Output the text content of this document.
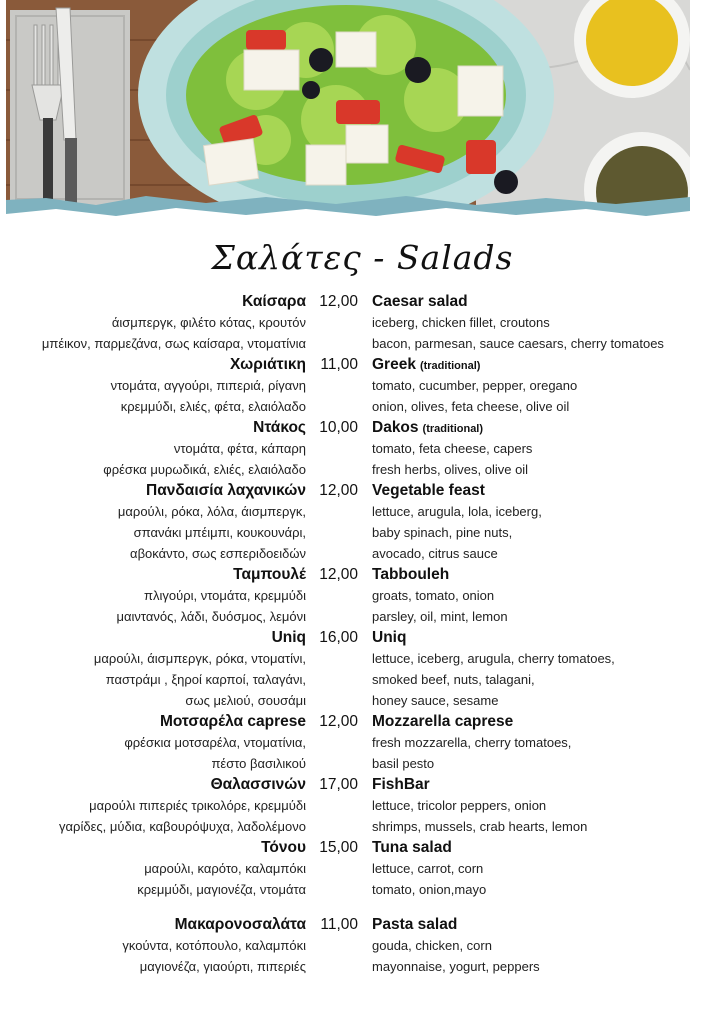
Σαλάτες - Salads
Καίσαρα 12,00 Caesar salad
άισμπεργκ, φιλέτο κότας, κρουτόν	iceberg, chicken fillet, croutons
μπέικον, παρμεζάνα, σως καίσαρα, ντοματίνια	bacon, parmesan, sauce caesars, cherry tomatoes
Χωριάτικη 11,00 Greek (traditional)
ντομάτα, αγγούρι, πιπεριά, ρίγανη	tomato, cucumber, pepper, oregano
κρεμμύδι, ελιές, φέτα, ελαιόλαδο	onion, olives, feta cheese, olive oil
Ντάκος 10,00 Dakos (traditional)
ντομάτα, φέτα, κάπαρη	tomato, feta cheese, capers
φρέσκα μυρωδικά, ελιές, ελαιόλαδο	fresh herbs, olives, olive oil
Πανδαισία λαχανικών 12,00 Vegetable feast
μαρούλι, ρόκα, λόλα, άισμπεργκ,	lettuce, arugula, lola, iceberg,
σπανάκι μπέιμπι, κουκουνάρι,	baby spinach, pine nuts,
αβοκάντο, σως εσπεριδοειδών	avocado, citrus sauce
Ταμπουλέ 12,00 Tabbouleh
πλιγούρι, ντομάτα, κρεμμύδι	groats, tomato, onion
μαιντανός, λάδι, δυόσμος, λεμόνι	parsley, oil, mint, lemon
Uniq 16,00 Uniq
μαρούλι, άισμπεργκ, ρόκα, ντοματίνι,	lettuce, iceberg, arugula, cherry tomatoes,
παστράμι , ξηροί καρποί, ταλαγάνι,	smoked beef, nuts, talagani,
σως μελιού, σουσάμι	honey sauce, sesame
Μοτσαρέλα caprese 12,00 Mozzarella caprese
φρέσκια μοτσαρέλα, ντοματίνια,	fresh mozzarella, cherry tomatoes,
πέστο βασιλικού	basil pesto
Θαλασσινών 17,00 FishBar
μαρούλι πιπεριές τρικολόρε, κρεμμύδι	lettuce, tricolor peppers, onion
γαρίδες, μύδια, καβουρόψυχα, λαδολέμονο	shrimps, mussels, crab hearts, lemon
Τόνου 15,00 Tuna salad
μαρούλι, καρότο, καλαμπόκι	lettuce, carrot, corn
κρεμμύδι, μαγιονέζα, ντομάτα	tomato, onion,mayo
Μακαρονοσαλάτα 11,00 Pasta salad
γκούντα, κοτόπουλο, καλαμπόκι	gouda, chicken, corn
μαγιονέζα, γιαούρτι, πιπεριές	mayonnaise, yogurt, peppers
